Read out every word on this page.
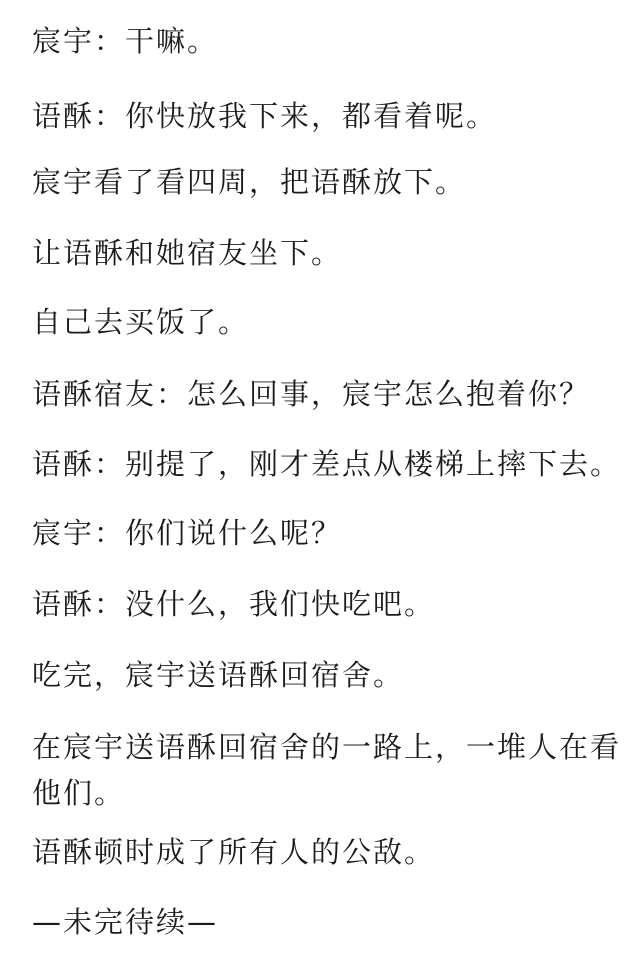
宸宇：干嘛。

语酥：你快放我下来，都看着呢。

宸宇看了看四周，把语酥放下。

让语酥和她宿友坐下。

自己去买饭了。

语酥宿友：怎么回事，宸宇怎么抱着你？

语酥：别提了，刚才差点从楼梯上摔下去。

宸宇：你们说什么呢？

语酥：没什么，我们快吃吧。

吃完，宸宇送语酥回宿舍。

在宸宇送语酥回宿舍的一路上，一堆人在看他们。

语酥顿时成了所有人的公敌。

—未完待续—
